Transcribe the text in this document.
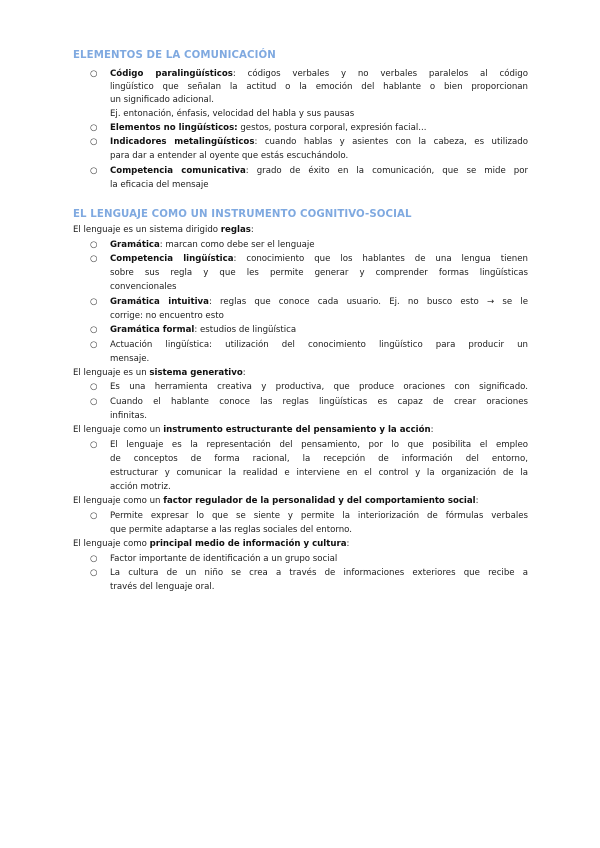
ELEMENTOS DE LA COMUNICACIÓN
○ Código paralingüísticos: códigos verbales y no verbales paralelos al código
lingüístico que señalan la actitud o la emoción del hablante o bien proporcionan
un significado adicional.
Ej. entonación, énfasis, velocidad del habla y sus pausas
○ Elementos no lingüísticos: gestos, postura corporal, expresión facial...
○ Indicadores metalingüísticos: cuando hablas y asientes con la cabeza, es utilizado
para dar a entender al oyente que estás escuchándolo.
○ Competencia comunicativa: grado de éxito en la comunicación, que se mide por
la eficacia del mensaje
EL LENGUAJE COMO UN INSTRUMENTO COGNITIVO-SOCIAL
El lenguaje es un sistema dirigido reglas:
○ Gramática: marcan como debe ser el lenguaje
○ Competencia lingüística: conocimiento que los hablantes de una lengua tienen
sobre sus regla y que les permite generar y comprender formas lingüísticas
convencionales
○ Gramática intuitiva: reglas que conoce cada usuario. Ej. no busco esto → se le
corrige: no encuentro esto
○ Gramática formal: estudios de lingüística
○ Actuación lingüística: utilización del conocimiento lingüístico para producir un
mensaje.
El lenguaje es un sistema generativo:
○ Es una herramienta creativa y productiva, que produce oraciones con significado.
○ Cuando el hablante conoce las reglas lingüísticas es capaz de crear oraciones
infinitas.
El lenguaje como un instrumento estructurante del pensamiento y la acción:
○ El lenguaje es la representación del pensamiento, por lo que posibilita el empleo
de conceptos de forma racional, la recepción de información del entorno,
estructurar y comunicar la realidad e interviene en el control y la organización de la
acción motriz.
El lenguaje como un factor regulador de la personalidad y del comportamiento social:
○ Permite expresar lo que se siente y permite la interiorización de fórmulas verbales
que permite adaptarse a las reglas sociales del entorno.
El lenguaje como principal medio de información y cultura:
○ Factor importante de identificación a un grupo social
○ La cultura de un niño se crea a través de informaciones exteriores que recibe a
través del lenguaje oral.
